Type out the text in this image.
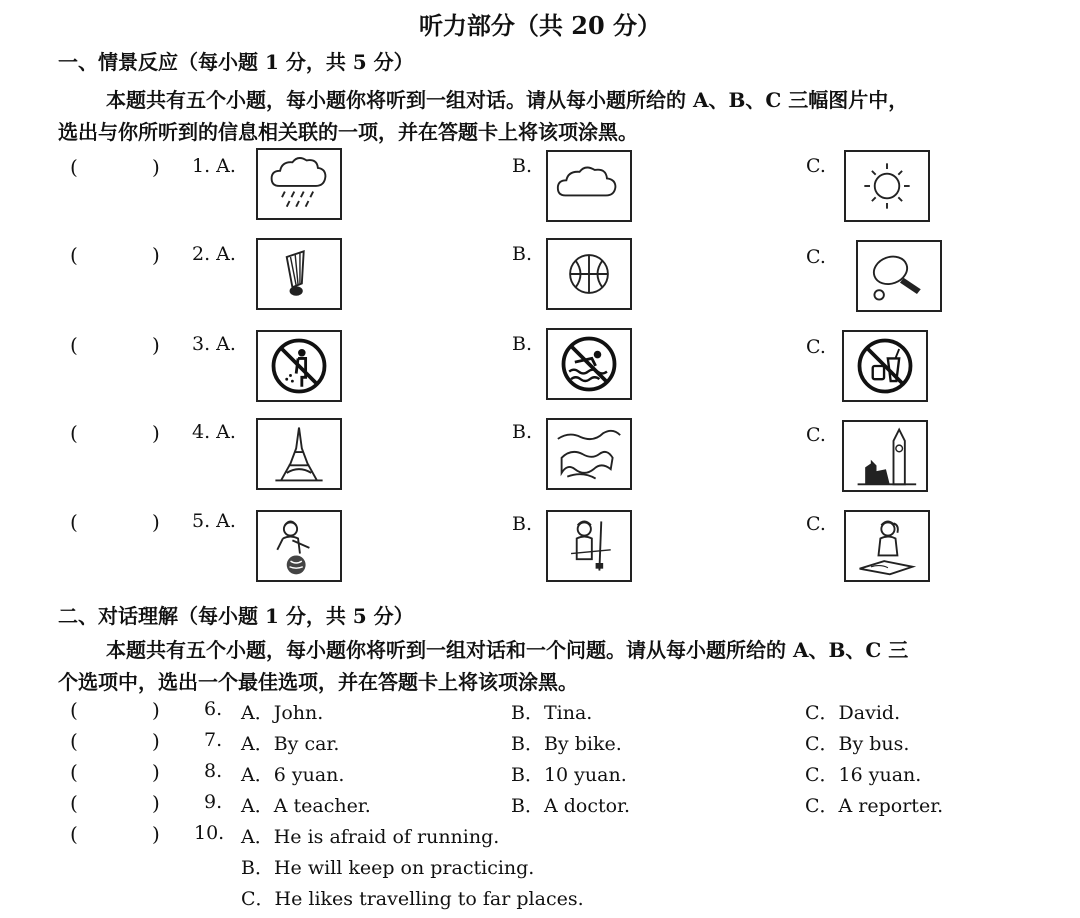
听力部分（共 20 分）
一、情景反应（每小题 1 分，共 5 分）
本题共有五个小题，每小题你将听到一组对话。请从每小题所给的 A、B、C 三幅图片中，
选出与你所听到的信息相关联的一项，并在答题卡上将该项涂黑。
(	) 1. A.	B.	C.
(	) 2. A.	B.	C.
(	) 3. A.	B.	C.
(	) 4. A.	B.	C.
(	) 5. A.	B.	C.
二、对话理解（每小题 1 分，共 5 分）
本题共有五个小题，每小题你将听到一组对话和一个问题。请从每小题所给的 A、B、C 三
个选项中，选出一个最佳选项，并在答题卡上将该项涂黑。
(	) 6. A．John.	B．Tina.	C．David.
(	) 7. A．By car.	B．By bike.	C．By bus.
(	) 8. A．6 yuan.	B．10 yuan.	C．16 yuan.
(	) 9. A．A teacher.	B．A doctor.	C．A reporter.
(	) 10. A．He is afraid of running.
B．He will keep on practicing.
C．He likes travelling to far places.
